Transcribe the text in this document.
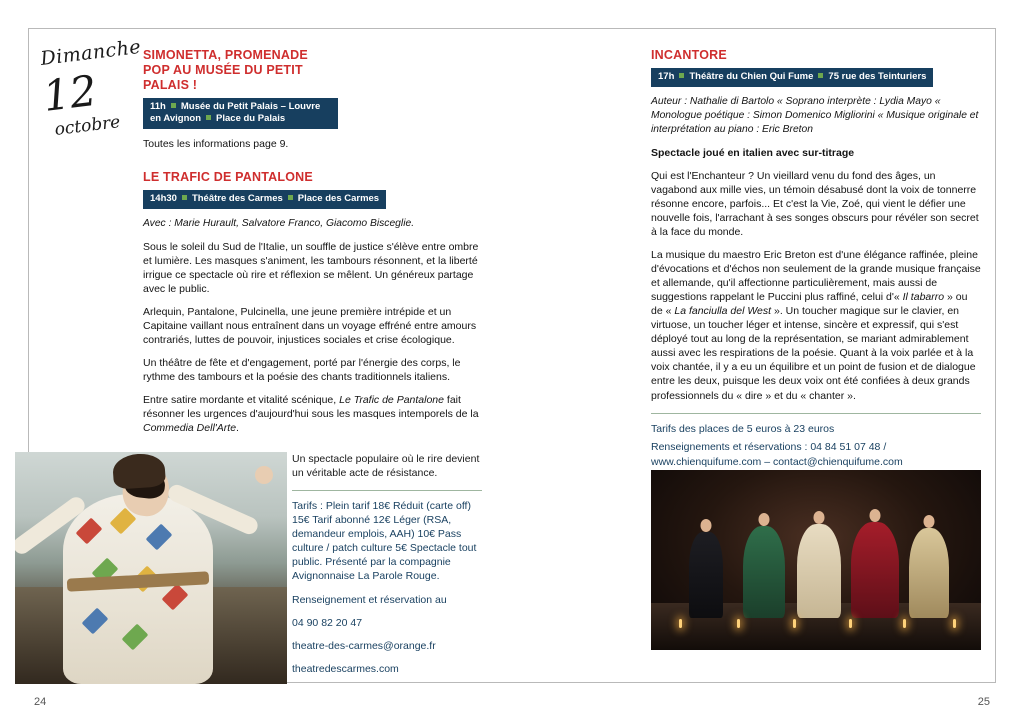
Dimanche
12
octobre
SIMONETTA, PROMENADE POP AU MUSÉE DU PETIT PALAIS !
11h Musée du Petit Palais – Louvre en Avignon Place du Palais

Toutes les informations page 9.

LE TRAFIC DE PANTALONE
14h30 Théâtre des Carmes Place des Carmes
Avec : Marie Hurault, Salvatore Franco, Giacomo Bisceglie.

Sous le soleil du Sud de l'Italie, un souffle de justice s'élève entre ombre et lumière. Les masques s'animent, les tambours résonnent, et la liberté irrigue ce spectacle où rire et réflexion se mêlent. Un généreux partage avec le public.

Arlequin, Pantalone, Pulcinella, une jeune première intrépide et un Capitaine vaillant nous entraînent dans un voyage effréné entre amours contrariés, luttes de pouvoir, injustices sociales et crise écologique.

Un théâtre de fête et d'engagement, porté par l'énergie des corps, le rythme des tambours et la poésie des chants traditionnels italiens.

Entre satire mordante et vitalité scénique, Le Trafic de Pantalone fait résonner les urgences d'aujourd'hui sous les masques intemporels de la Commedia Dell'Arte.

Un spectacle populaire où le rire devient un véritable acte de résistance.

Tarifs : Plein tarif 18€ Réduit (carte off) 15€ Tarif abonné 12€ Léger (RSA, demandeur emplois, AAH) 10€ Pass culture / patch culture 5€ Spectacle tout public. Présenté par la compagnie Avignonnaise La Parole Rouge.

Renseignement et réservation au

04 90 82 20 47

theatre-des-carmes@orange.fr

theatredescarmes.com

INCANTORE
17h Théâtre du Chien Qui Fume 75 rue des Teinturiers
Auteur : Nathalie di Bartolo « Soprano interprète : Lydia Mayo « Monologue poétique : Simon Domenico Migliorini « Musique originale et interprétation au piano : Eric Breton
Spectacle joué en italien avec sur-titrage

Qui est l'Enchanteur ? Un vieillard venu du fond des âges, un vagabond aux mille vies, un témoin désabusé dont la voix de tonnerre résonne encore, parfois... Et c'est la Vie, Zoé, qui vient le défier une nouvelle fois, l'arrachant à ses songes obscurs pour révéler son secret à la face du monde.

La musique du maestro Eric Breton est d'une élégance raffinée, pleine d'évocations et d'échos non seulement de la grande musique française et allemande, qu'il affectionne particulièrement, mais aussi de suggestions rappelant le Puccini plus raffiné, celui d'« Il tabarro » ou de « La fanciulla del West ». Un toucher magique sur le clavier, en virtuose, un toucher léger et intense, sincère et expressif, qui s'est déployé tout au long de la représentation, se mariant admirablement aussi avec les respirations de la poésie. Quant à la voix parlée et à la voix chantée, il y a eu un équilibre et un point de fusion et de dialogue entre les deux, puisque les deux voix ont été confiées à deux grands professionnels du « dire » et du « chanter ».

Tarifs des places de 5 euros à 23 euros
Renseignements et réservations : 04 84 51 07 48 /
www.chienquifume.com – contact@chienquifume.com
24	25
